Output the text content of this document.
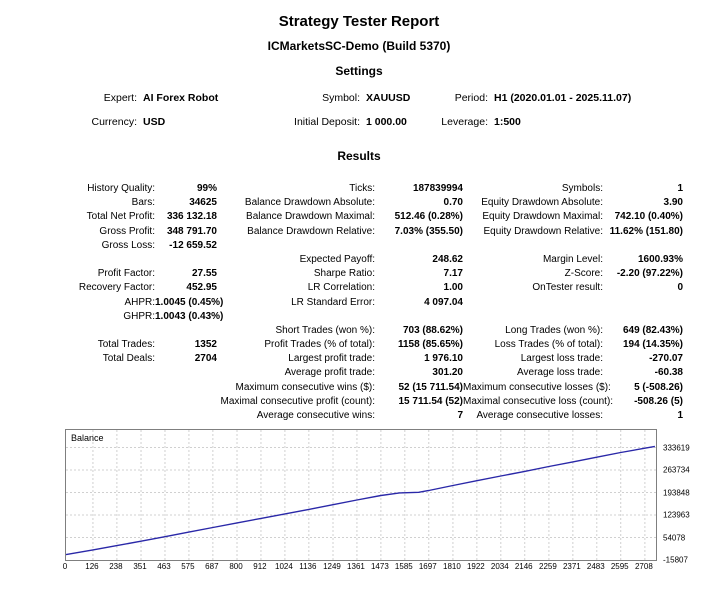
Strategy Tester Report
ICMarketsSC-Demo (Build 5370)
Settings
Expert: AI Forex Robot	Symbol: XAUUSD	Period: H1 (2020.01.01 - 2025.11.07)
Currency: USD	Initial Deposit: 1 000.00	Leverage: 1:500
Results
History Quality:	99%	Ticks:	187839994	Symbols:	1
Bars:	34625	Balance Drawdown Absolute:	0.70	Equity Drawdown Absolute:	3.90
Total Net Profit:	336 132.18	Balance Drawdown Maximal:	512.46 (0.28%)	Equity Drawdown Maximal:	742.10 (0.40%)
Gross Profit:	348 791.70	Balance Drawdown Relative:	7.03% (355.50)	Equity Drawdown Relative: 11.62% (151.80)
Gross Loss:	-12 659.52
Expected Payoff:	248.62	Margin Level:	1600.93%
Profit Factor:	27.55	Sharpe Ratio:	7.17	Z-Score:	-2.20 (97.22%)
Recovery Factor:	452.95	LR Correlation:	1.00	OnTester result:	0
AHPR: 1.0045 (0.45%)	LR Standard Error:	4 097.04
GHPR: 1.0043 (0.43%)
Short Trades (won %):	703 (88.62%)	Long Trades (won %):	649 (82.43%)
Total Trades:	1352	Profit Trades (% of total):	1158 (85.65%)	Loss Trades (% of total):	194 (14.35%)
Total Deals:	2704	Largest profit trade:	1 976.10	Largest loss trade:	-270.07
Average profit trade:	301.20	Average loss trade:	-60.38
Maximum consecutive wins ($):	52 (15 711.54) Maximum consecutive losses ($):	5 (-508.26)
Maximal consecutive profit (count):	15 711.54 (52) Maximal consecutive loss (count):	-508.26 (5)
Average consecutive wins:	7	Average consecutive losses:	1
Balance
0 126 238 351 463 575 687 800 912 1024 1136 1249 1361 1473 1585 1697 1810 1922 2034 2146 2259 2371 2483 2595 2708
333619
263734
193848
123963
54078
-15807
